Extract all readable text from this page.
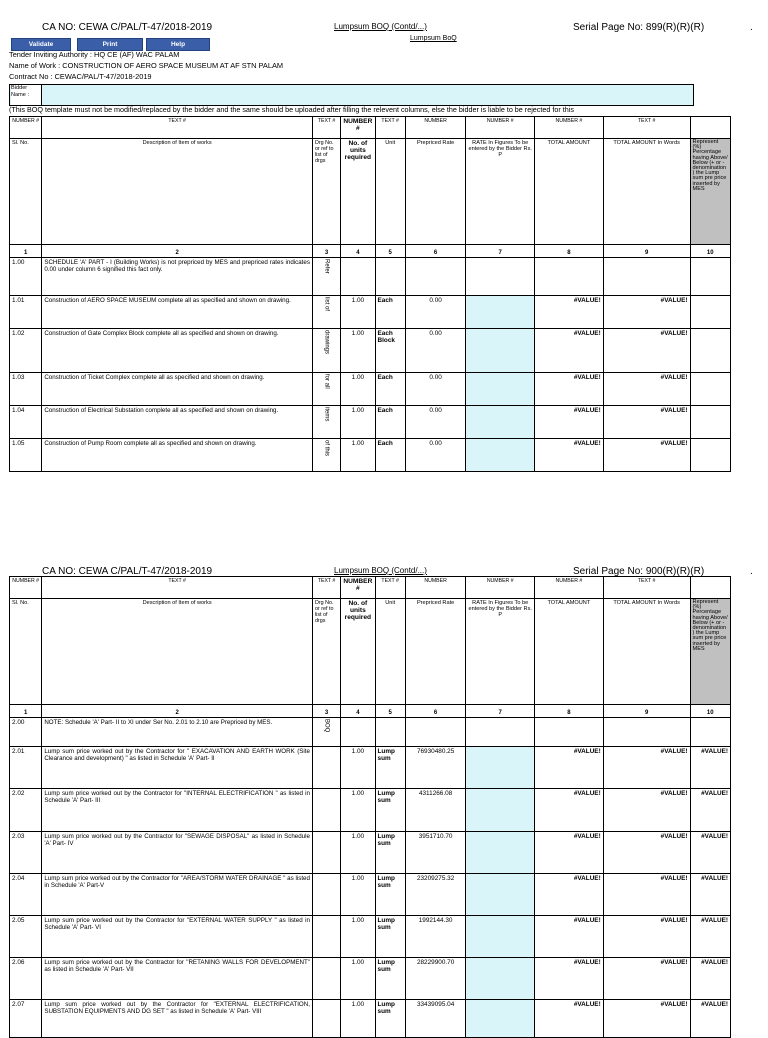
CA NO: CEWA C/PAL/T-47/2018-2019	Lumpsum BOQ (Contd/...)	Serial Page No: 899(R)(R)(R)	.
Lumpsum BoQ
Validate	Print	Help
Tender Inviting Authority : HQ CE (AF) WAC PALAM
Name of Work : CONSTRUCTION OF AERO SPACE MUSEUM AT AF STN PALAM
Contract No : CEWAC/PAL/T-47/2018-2019
Bidder Name :
(This BOQ template must not be modified/replaced by the bidder and the same should be uploaded after filling the relevent columns, else the bidder is liable to be rejected for this
NUMBER #	TEXT #	TEXT #	NUMBER #	TEXT #	NUMBER	NUMBER #	NUMBER #	TEXT #	
Sl. No.	Description of Item of works	Drg No. or ref to list of drgs	No. of units required	Unit	Prepriced Rate	RATE In Figures To be entered by the Bidder Rs. P	TOTAL AMOUNT	TOTAL AMOUNT In Words	Represent (%) Percentage having Above/ Below (+ or - denomination ) the Lump sum pre price inserted by MES
1	2	3	4	5	6	7	8	9	10
1.00	SCHEDULE 'A' PART - I (Building Works) is not prepriced by MES and prepriced rates indicates 0.00 under column 6 signified this fact only.	Refer							

1.01	Construction of AERO SPACE MUSEUM complete all as specified and shown on drawing.	list of	1.00	Each	0.00		#VALUE!	#VALUE!	
1.02	Construction of Gate Complex Block complete all as specified and shown on drawing.	drawings	1.00	Each Block	0.00		#VALUE!	#VALUE!	
1.03	Construction of Ticket Complex complete all as specified and shown on drawing.	for all	1.00	Each	0.00		#VALUE!	#VALUE!	
1.04	Construction of Electrical Substation complete all as specified and shown on drawing.	items	1.00	Each	0.00		#VALUE!	#VALUE!	
1.05	Construction of Pump Room complete all as specified and shown on drawing.	of this	1.00	Each	0.00		#VALUE!	#VALUE!	
CA NO: CEWA C/PAL/T-47/2018-2019	Lumpsum BOQ (Contd/...)	Serial Page No: 900(R)(R)(R)	.
NUMBER #	TEXT #	TEXT #	NUMBER #	TEXT #	NUMBER	NUMBER #	NUMBER #	TEXT #	
Sl. No.	Description of Item of works	Drg No. or ref to list of drgs	No. of units required	Unit	Prepriced Rate	RATE In Figures To be entered by the Bidder Rs. P	TOTAL AMOUNT	TOTAL AMOUNT In Words	Represent (%) Percentage having Above/ Below (+ or - denomination ) the Lump sum pre price inserted by MES
1	2	3	4	5	6	7	8	9	10
2.00	NOTE: Schedule 'A' Part- II to XI under Ser No. 2.01 to 2.10 are Prepriced by MES.	BOQ							

2.01	Lump sum price worked out by the Contractor for " EXACAVATION AND EARTH WORK (Site Clearance and development) " as listed in Schedule 'A' Part- II		1.00	Lump sum	76930480.25		#VALUE!	#VALUE!	#VALUE!
2.02	Lump sum price worked out by the Contractor for "INTERNAL ELECTRIFICATION " as listed in Schedule 'A' Part- III		1.00	Lump sum	4311266.08		#VALUE!	#VALUE!	#VALUE!
2.03	Lump sum price worked out by the Contractor for "SEWAGE DISPOSAL" as listed in Schedule 'A' Part- IV		1.00	Lump sum	3951710.70		#VALUE!	#VALUE!	#VALUE!
2.04	Lump sum price worked out by the Contractor for "AREA/STORM WATER DRAINAGE " as listed in Schedule 'A' Part-V		1.00	Lump sum	23209275.32		#VALUE!	#VALUE!	#VALUE!
2.05	Lump sum price worked out by the Contractor for "EXTERNAL WATER SUPPLY " as listed in Schedule 'A' Part- VI		1.00	Lump sum	1992144.30		#VALUE!	#VALUE!	#VALUE!
2.06	Lump sum price worked out by the Contractor for "RETANING WALLS FOR DEVELOPMENT" as listed in Schedule 'A' Part- VII		1.00	Lump sum	28229900.70		#VALUE!	#VALUE!	#VALUE!
2.07	Lump sum price worked out by the Contractor for "EXTERNAL ELECTRIFICATION, SUBSTATION EQUIPMENTS AND DG SET " as listed in Schedule 'A' Part- VIII		1.00	Lump sum	33439095.04		#VALUE!	#VALUE!	#VALUE!
